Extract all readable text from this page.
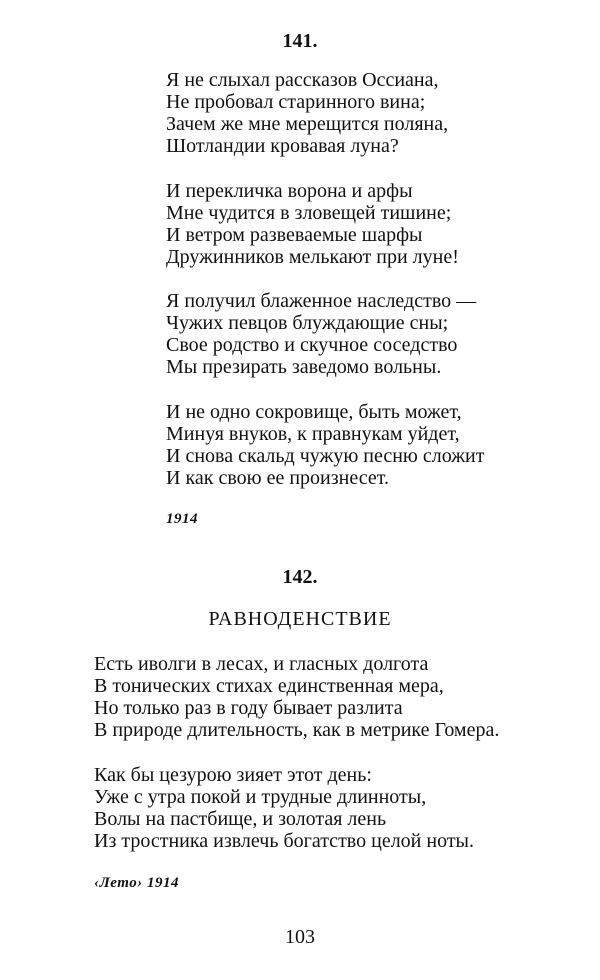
141.
Я не слыхал рассказов Оссиана,
Не пробовал старинного вина;
Зачем же мне мерещится поляна,
Шотландии кровавая луна?
И перекличка ворона и арфы
Мне чудится в зловещей тишине;
И ветром развеваемые шарфы
Дружинников мелькают при луне!
Я получил блаженное наследство —
Чужих певцов блуждающие сны;
Свое родство и скучное соседство
Мы презирать заведомо вольны.
И не одно сокровище, быть может,
Минуя внуков, к правнукам уйдет,
И снова скальд чужую песню сложит
И как свою ее произнесет.
1914
142.
РАВНОДЕНСТВИЕ
Есть иволги в лесах, и гласных долгота
В тонических стихах единственная мера,
Но только раз в году бывает разлита
В природе длительность, как в метрике Гомера.
Как бы цезурою зияет этот день:
Уже с утра покой и трудные длинноты,
Волы на пастбище, и золотая лень
Из тростника извлечь богатство целой ноты.
‹Лето› 1914
103
